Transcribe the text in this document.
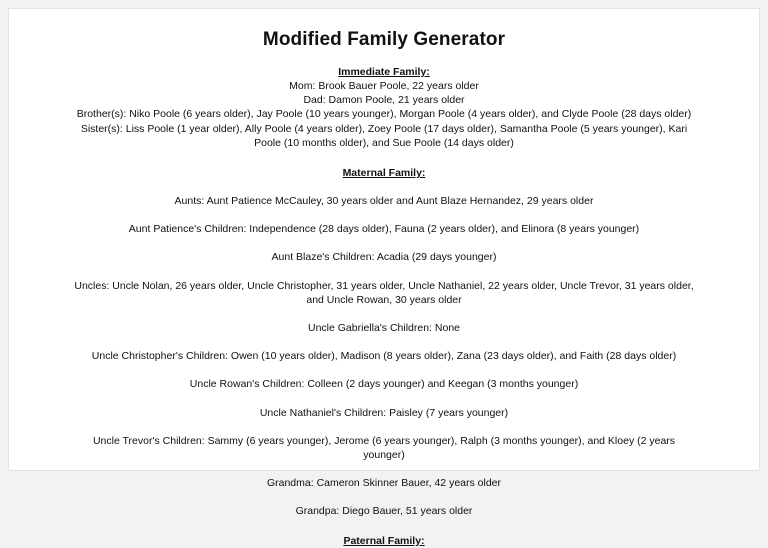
Modified Family Generator

Immediate Family:

Mom: Brook Bauer Poole, 22 years older

Dad: Damon Poole, 21 years older

Brother(s): Niko Poole (6 years older), Jay Poole (10 years younger), Morgan Poole (4 years older), and Clyde Poole (28 days older)

Sister(s): Liss Poole (1 year older), Ally Poole (4 years older), Zoey Poole (17 days older), Samantha Poole (5 years younger), Kari Poole (10 months older), and Sue Poole (14 days older)

Maternal Family:

Aunts: Aunt Patience McCauley, 30 years older and Aunt Blaze Hernandez, 29 years older

Aunt Patience's Children: Independence (28 days older), Fauna (2 years older), and Elinora (8 years younger)

Aunt Blaze's Children: Acadia (29 days younger)

Uncles: Uncle Nolan, 26 years older, Uncle Christopher, 31 years older, Uncle Nathaniel, 22 years older, Uncle Trevor, 31 years older, and Uncle Rowan, 30 years older

Uncle Gabriella's Children: None

Uncle Christopher's Children: Owen (10 years older), Madison (8 years older), Zana (23 days older), and Faith (28 days older)

Uncle Rowan's Children: Colleen (2 days younger) and Keegan (3 months younger)

Uncle Nathaniel's Children: Paisley (7 years younger)

Uncle Trevor's Children: Sammy (6 years younger), Jerome (6 years younger), Ralph (3 months younger), and Kloey (2 years younger)

Grandma: Cameron Skinner Bauer, 42 years older

Grandpa: Diego Bauer, 51 years older

Paternal Family:
